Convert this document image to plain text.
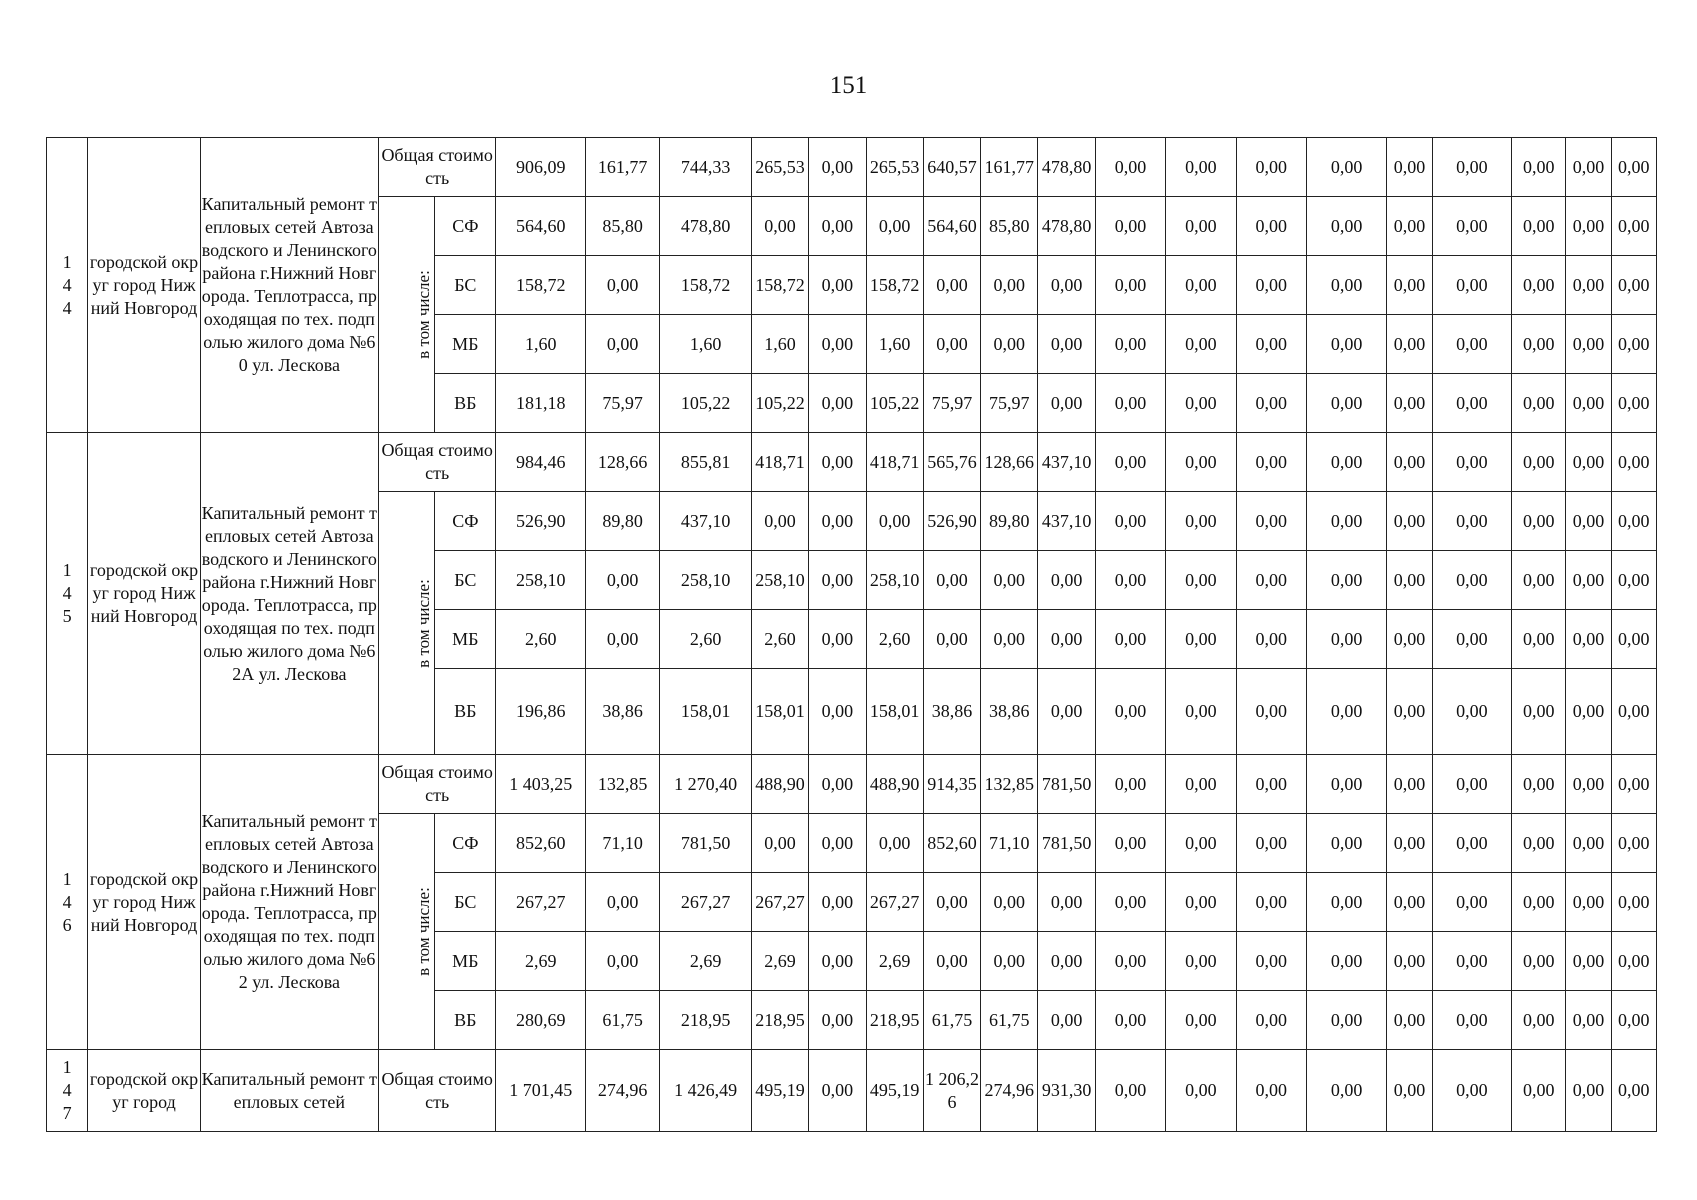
151
1
4
4	городской округ город Нижний Новгород	Капитальный ремонт тепловых сетей Автозаводского и Ленинского района г.Нижний Новгорода. Теплотрасса, проходящая по тех. подполью жилого дома №60 ул. Лескова	Общая стоимость		906,09	161,77	744,33	265,53	0,00	265,53	640,57	161,77	478,80	0,00	0,00	0,00	0,00	0,00	0,00	0,00	0,00	0,00
			в том числе:	СФ	564,60	85,80	478,80	0,00	0,00	0,00	564,60	85,80	478,80	0,00	0,00	0,00	0,00	0,00	0,00	0,00	0,00	0,00
				БС	158,72	0,00	158,72	158,72	0,00	158,72	0,00	0,00	0,00	0,00	0,00	0,00	0,00	0,00	0,00	0,00	0,00	0,00
				МБ	1,60	0,00	1,60	1,60	0,00	1,60	0,00	0,00	0,00	0,00	0,00	0,00	0,00	0,00	0,00	0,00	0,00	0,00
				ВБ	181,18	75,97	105,22	105,22	0,00	105,22	75,97	75,97	0,00	0,00	0,00	0,00	0,00	0,00	0,00	0,00	0,00	0,00

1
4
5	городской округ город Нижний Новгород	Капитальный ремонт тепловых сетей Автозаводского и Ленинского района г.Нижний Новгорода. Теплотрасса, проходящая по тех. подполью жилого дома №62А ул. Лескова	Общая стоимость		984,46	128,66	855,81	418,71	0,00	418,71	565,76	128,66	437,10	0,00	0,00	0,00	0,00	0,00	0,00	0,00	0,00	0,00
			в том числе:	СФ	526,90	89,80	437,10	0,00	0,00	0,00	526,90	89,80	437,10	0,00	0,00	0,00	0,00	0,00	0,00	0,00	0,00	0,00
				БС	258,10	0,00	258,10	258,10	0,00	258,10	0,00	0,00	0,00	0,00	0,00	0,00	0,00	0,00	0,00	0,00	0,00	0,00
				МБ	2,60	0,00	2,60	2,60	0,00	2,60	0,00	0,00	0,00	0,00	0,00	0,00	0,00	0,00	0,00	0,00	0,00	0,00
				ВБ	196,86	38,86	158,01	158,01	0,00	158,01	38,86	38,86	0,00	0,00	0,00	0,00	0,00	0,00	0,00	0,00	0,00	0,00

1
4
6	городской округ город Нижний Новгород	Капитальный ремонт тепловых сетей Автозаводского и Ленинского района г.Нижний Новгорода. Теплотрасса, проходящая по тех. подполью жилого дома №62 ул. Лескова	Общая стоимость		1 403,25	132,85	1 270,40	488,90	0,00	488,90	914,35	132,85	781,50	0,00	0,00	0,00	0,00	0,00	0,00	0,00	0,00	0,00
			в том числе:	СФ	852,60	71,10	781,50	0,00	0,00	0,00	852,60	71,10	781,50	0,00	0,00	0,00	0,00	0,00	0,00	0,00	0,00	0,00
				БС	267,27	0,00	267,27	267,27	0,00	267,27	0,00	0,00	0,00	0,00	0,00	0,00	0,00	0,00	0,00	0,00	0,00	0,00
				МБ	2,69	0,00	2,69	2,69	0,00	2,69	0,00	0,00	0,00	0,00	0,00	0,00	0,00	0,00	0,00	0,00	0,00	0,00
				ВБ	280,69	61,75	218,95	218,95	0,00	218,95	61,75	61,75	0,00	0,00	0,00	0,00	0,00	0,00	0,00	0,00	0,00	0,00

1
4
7	городской округ город	Капитальный ремонт тепловых сетей	Общая стоимость		1 701,45	274,96	1 426,49	495,19	0,00	495,19	1 206,26	274,96	931,30	0,00	0,00	0,00	0,00	0,00	0,00	0,00	0,00	0,00
